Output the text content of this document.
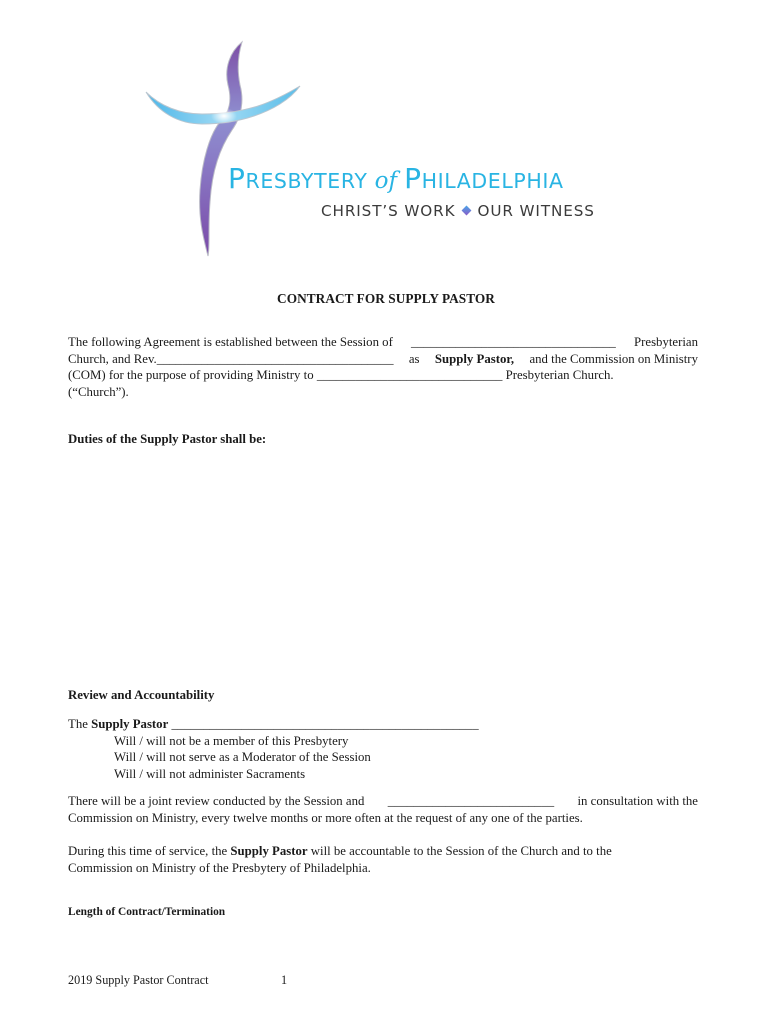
PRESBYTERY of PHILADELPHIA
CHRIST’S WORK OUR WITNESS
CONTRACT FOR SUPPLY PASTOR
The following Agreement is established between the Session of ________________________________ Presbyterian
Church, and Rev._____________________________________ as Supply Pastor, and the Commission on Ministry
(COM) for the purpose of providing Ministry to _____________________________ Presbyterian Church.
(“Church”).
Duties of the Supply Pastor shall be:
Review and Accountability
The Supply Pastor ________________________________________________
Will / will not be a member of this Presbytery
Will / will not serve as a Moderator of the Session
Will / will not administer Sacraments
There will be a joint review conducted by the Session and __________________________ in consultation with the
Commission on Ministry, every twelve months or more often at the request of any one of the parties.
During this time of service, the Supply Pastor will be accountable to the Session of the Church and to the
Commission on Ministry of the Presbytery of Philadelphia.
Length of Contract/Termination
2019 Supply Pastor Contract	1
